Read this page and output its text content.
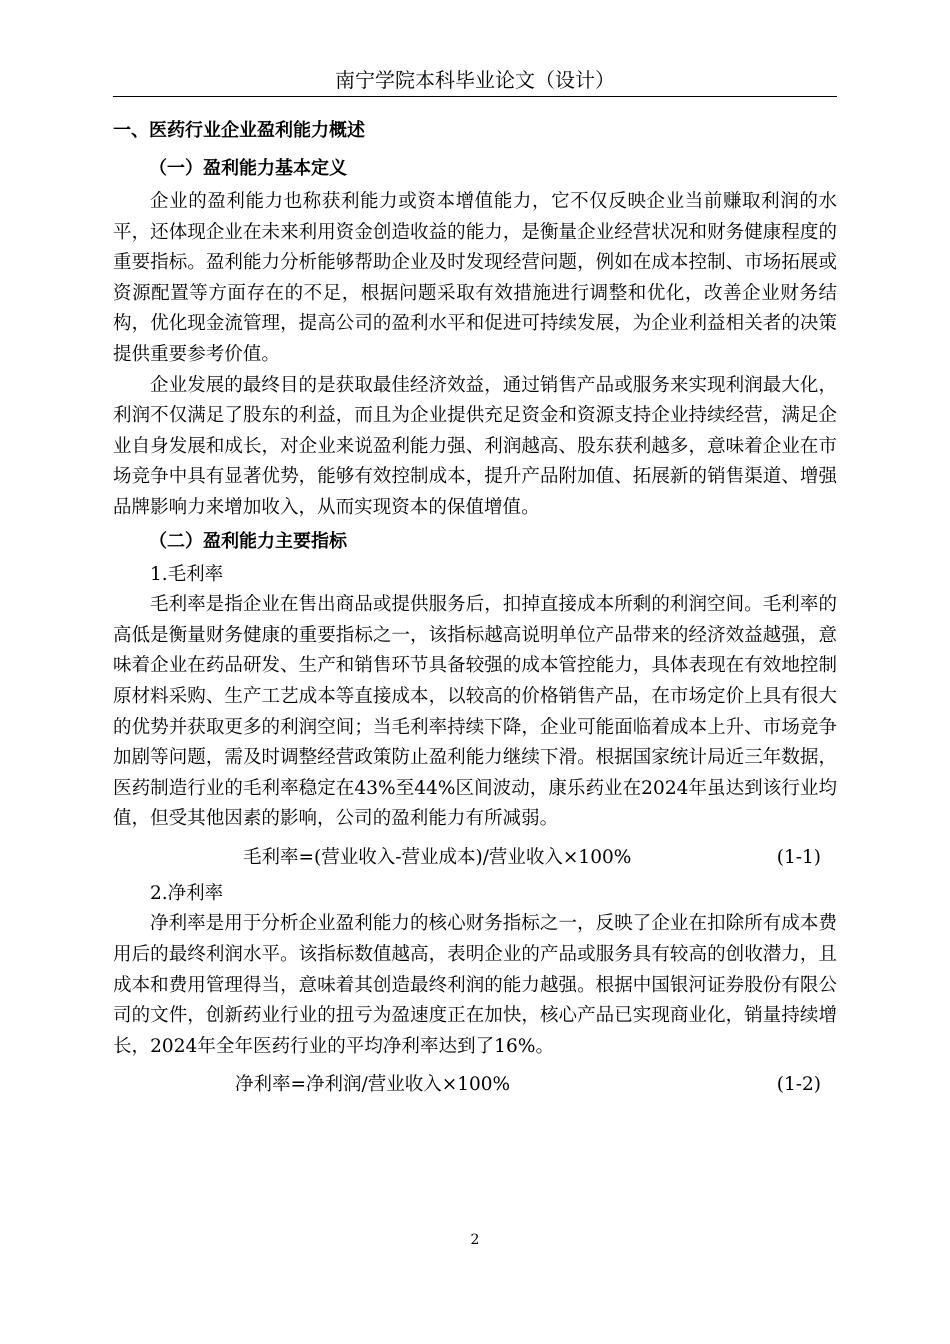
南宁学院本科毕业论文（设计）

一、医药行业企业盈利能力概述

（一）盈利能力基本定义

企业的盈利能力也称获利能力或资本增值能力，它不仅反映企业当前赚取利润的水平，还体现企业在未来利用资金创造收益的能力，是衡量企业经营状况和财务健康程度的重要指标。盈利能力分析能够帮助企业及时发现经营问题，例如在成本控制、市场拓展或资源配置等方面存在的不足，根据问题采取有效措施进行调整和优化，改善企业财务结构，优化现金流管理，提高公司的盈利水平和促进可持续发展，为企业利益相关者的决策提供重要参考价值。

企业发展的最终目的是获取最佳经济效益，通过销售产品或服务来实现利润最大化，利润不仅满足了股东的利益，而且为企业提供充足资金和资源支持企业持续经营，满足企业自身发展和成长，对企业来说盈利能力强、利润越高、股东获利越多，意味着企业在市场竞争中具有显著优势，能够有效控制成本，提升产品附加值、拓展新的销售渠道、增强品牌影响力来增加收入，从而实现资本的保值增值。

（二）盈利能力主要指标

1.毛利率

毛利率是指企业在售出商品或提供服务后，扣掉直接成本所剩的利润空间。毛利率的高低是衡量财务健康的重要指标之一，该指标越高说明单位产品带来的经济效益越强，意味着企业在药品研发、生产和销售环节具备较强的成本管控能力，具体表现在有效地控制原材料采购、生产工艺成本等直接成本，以较高的价格销售产品，在市场定价上具有很大的优势并获取更多的利润空间；当毛利率持续下降，企业可能面临着成本上升、市场竞争加剧等问题，需及时调整经营政策防止盈利能力继续下滑。根据国家统计局近三年数据，医药制造行业的毛利率稳定在43%至44%区间波动，康乐药业在2024年虽达到该行业均值，但受其他因素的影响，公司的盈利能力有所减弱。

毛利率=(营业收入-营业成本)/营业收入×100%	(1-1)

2.净利率

净利率是用于分析企业盈利能力的核心财务指标之一，反映了企业在扣除所有成本费用后的最终利润水平。该指标数值越高，表明企业的产品或服务具有较高的创收潜力，且成本和费用管理得当，意味着其创造最终利润的能力越强。根据中国银河证券股份有限公司的文件，创新药业行业的扭亏为盈速度正在加快，核心产品已实现商业化，销量持续增长，2024年全年医药行业的平均净利率达到了16%。

净利率=净利润/营业收入×100%	(1-2)
2
